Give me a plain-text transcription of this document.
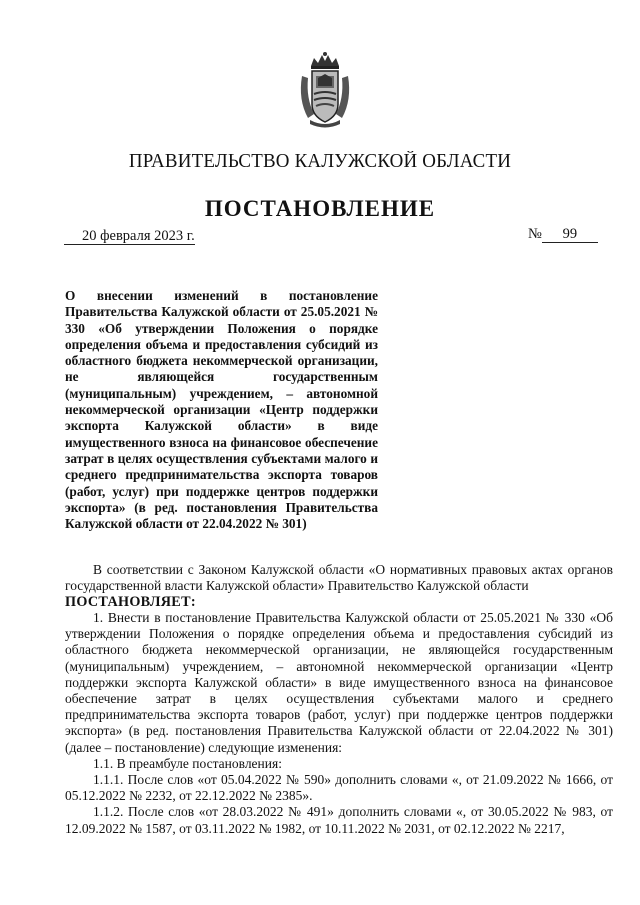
ПРАВИТЕЛЬСТВО КАЛУЖСКОЙ ОБЛАСТИ
ПОСТАНОВЛЕНИЕ
20 февраля 2023 г.	№ 99
О внесении изменений в постановление Правительства Калужской области от 25.05.2021 № 330 «Об утверждении Положения о порядке определения объема и предоставления субсидий из областного бюджета некоммерческой организации, не являющейся государственным (муниципальным) учреждением, – автономной некоммерческой организации «Центр поддержки экспорта Калужской области» в виде имущественного взноса на финансовое обеспечение затрат в целях осуществления субъектами малого и среднего предпринимательства экспорта товаров (работ, услуг) при поддержке центров поддержки экспорта» (в ред. постановления Правительства Калужской области от 22.04.2022 № 301)

В соответствии с Законом Калужской области «О нормативных правовых актах органов государственной власти Калужской области» Правительство Калужской области

ПОСТАНОВЛЯЕТ:

1. Внести в постановление Правительства Калужской области от 25.05.2021 № 330 «Об утверждении Положения о порядке определения объема и предоставления субсидий из областного бюджета некоммерческой организации, не являющейся государственным (муниципальным) учреждением, – автономной некоммерческой организации «Центр поддержки экспорта Калужской области» в виде имущественного взноса на финансовое обеспечение затрат в целях осуществления субъектами малого и среднего предпринимательства экспорта товаров (работ, услуг) при поддержке центров поддержки экспорта» (в ред. постановления Правительства Калужской области от 22.04.2022 № 301) (далее – постановление) следующие изменения:

1.1. В преамбуле постановления:

1.1.1. После слов «от 05.04.2022 № 590» дополнить словами «, от 21.09.2022 № 1666, от 05.12.2022 № 2232, от 22.12.2022 № 2385».

1.1.2. После слов «от 28.03.2022 № 491» дополнить словами «, от 30.05.2022 № 983, от 12.09.2022 № 1587, от 03.11.2022 № 1982, от 10.11.2022 № 2031, от 02.12.2022 № 2217,
